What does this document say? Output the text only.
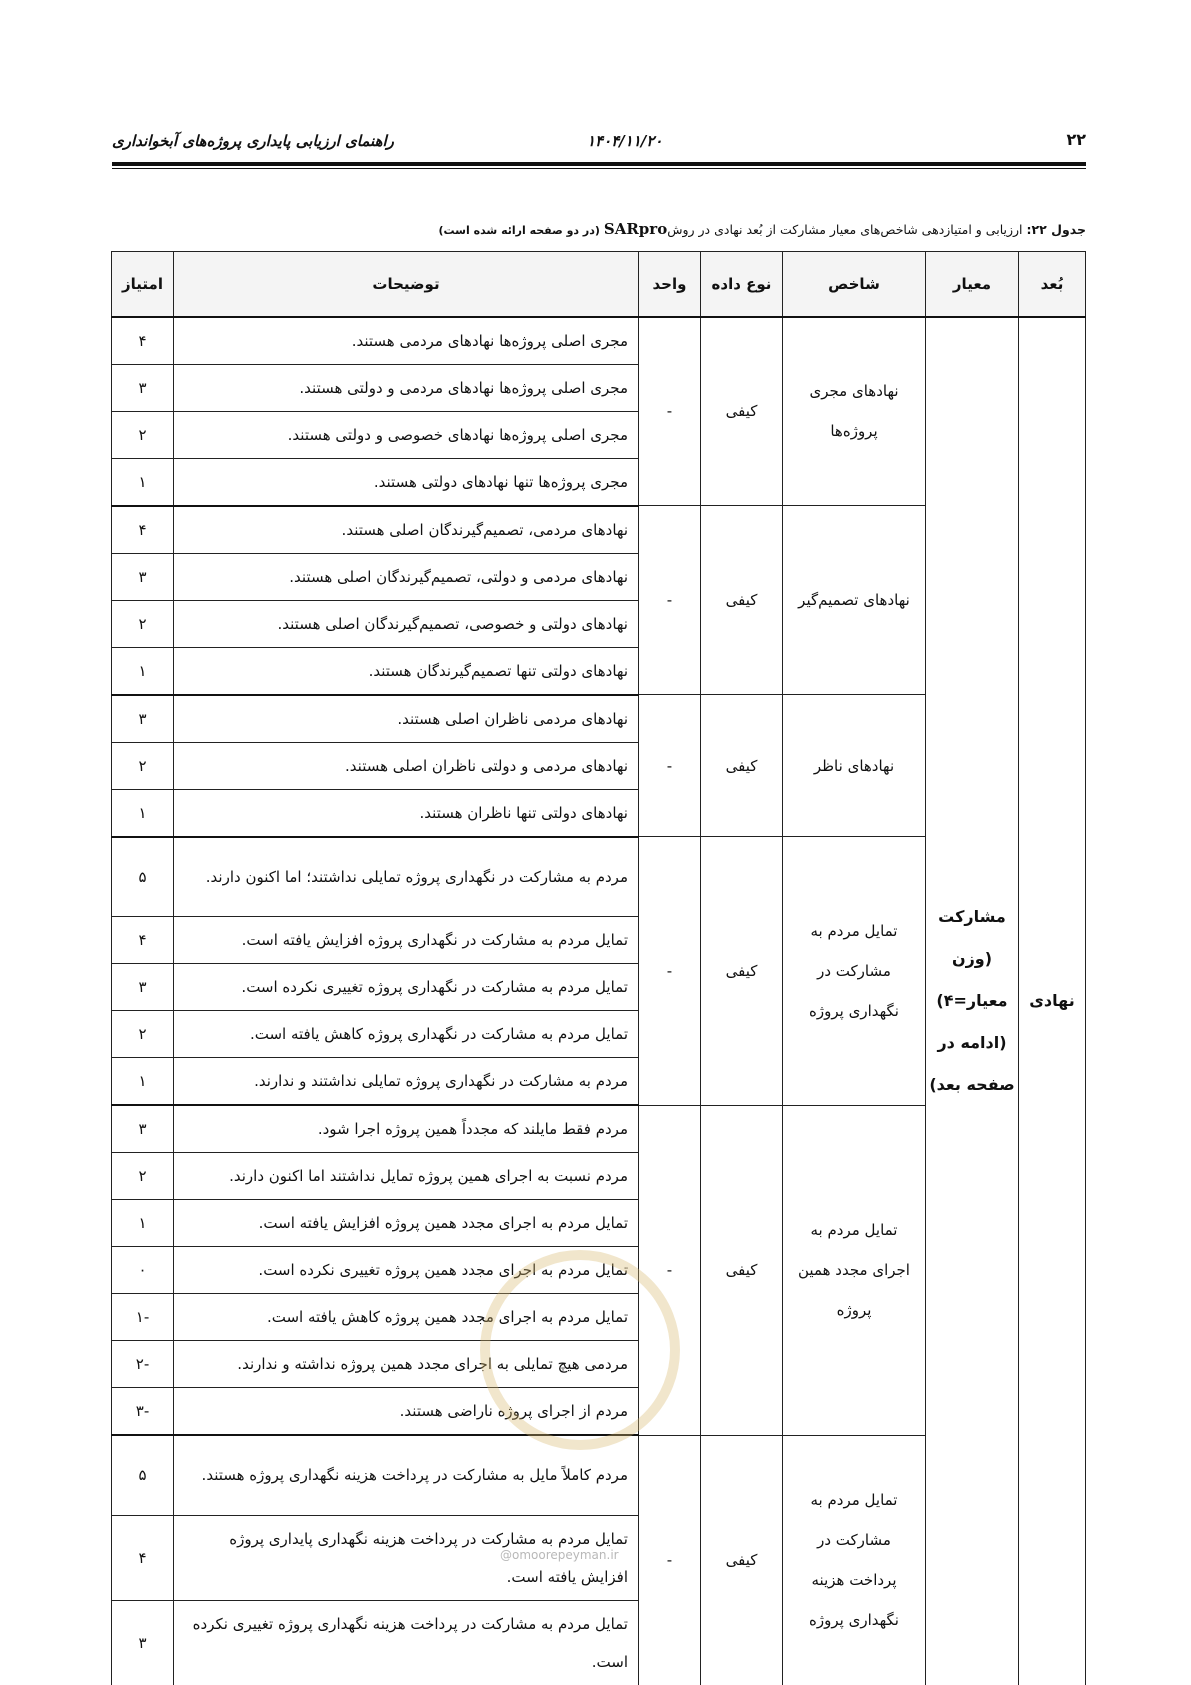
راهنمای ارزیابی پایداری پروژه‌های آبخوانداری	۱۴۰۴/۱۱/۲۰	۲۲
جدول ۲۲: ارزیابی و امتیازدهی شاخص‌های معیار مشارکت از بُعد نهادی در روشSARpro (در دو صفحه ارائه شده است)
بُعد	معیار	شاخص	نوع داده	واحد	توضیحات	امتیاز
نهادی	مشارکت (وزن معیار=۴) (ادامه در صفحه بعد)	نهادهای مجری پروژه‌ها	کیفی	-	مجری اصلی پروژه‌ها نهادهای مردمی هستند.	۴
					مجری اصلی پروژه‌ها نهادهای مردمی و دولتی هستند.	۳
					مجری اصلی پروژه‌ها نهادهای خصوصی و دولتی هستند.	۲
					مجری پروژه‌ها تنها نهادهای دولتی هستند.	۱
		نهادهای تصمیم‌گیر	کیفی	-	نهادهای مردمی، تصمیم‌گیرندگان اصلی هستند.	۴
					نهادهای مردمی و دولتی، تصمیم‌گیرندگان اصلی هستند.	۳
					نهادهای دولتی و خصوصی، تصمیم‌گیرندگان اصلی هستند.	۲
					نهادهای دولتی تنها تصمیم‌گیرندگان هستند.	۱
		نهادهای ناظر	کیفی	-	نهادهای مردمی ناظران اصلی هستند.	۳
					نهادهای مردمی و دولتی ناظران اصلی هستند.	۲
					نهادهای دولتی تنها ناظران هستند.	۱
		تمایل مردم به مشارکت در نگهداری پروژه	کیفی	-	مردم به مشارکت در نگهداری پروژه تمایلی نداشتند؛ اما اکنون دارند.	۵
					تمایل مردم به مشارکت در نگهداری پروژه افزایش یافته است.	۴
					تمایل مردم به مشارکت در نگهداری پروژه تغییری نکرده است.	۳
					تمایل مردم به مشارکت در نگهداری پروژه کاهش یافته است.	۲
					مردم به مشارکت در نگهداری پروژه تمایلی نداشتند و ندارند.	۱
		تمایل مردم به اجرای مجدد همین پروژه	کیفی	-	مردم فقط مایلند که مجدداً همین پروژه اجرا شود.	۳
					مردم نسبت به اجرای همین پروژه تمایل نداشتند اما اکنون دارند.	۲
					تمایل مردم به اجرای مجدد همین پروژه افزایش یافته است.	۱
					تمایل مردم به اجرای مجدد همین پروژه تغییری نکرده است.	۰
					تمایل مردم به اجرای مجدد همین پروژه کاهش یافته است.	-۱
					مردمی هیچ تمایلی به اجرای مجدد همین پروژه نداشته و ندارند.	-۲
					مردم از اجرای پروژه ناراضی هستند.	-۳
		تمایل مردم به مشارکت در پرداخت هزینه نگهداری پروژه	کیفی	-	مردم کاملاً مایل به مشارکت در پرداخت هزینه نگهداری پروژه هستند.	۵
					تمایل مردم به مشارکت در پرداخت هزینه نگهداری پایداری پروژه افزایش یافته است.	۴
					تمایل مردم به مشارکت در پرداخت هزینه نگهداری پروژه تغییری نکرده است.	۳
@omoorepeyman.ir
